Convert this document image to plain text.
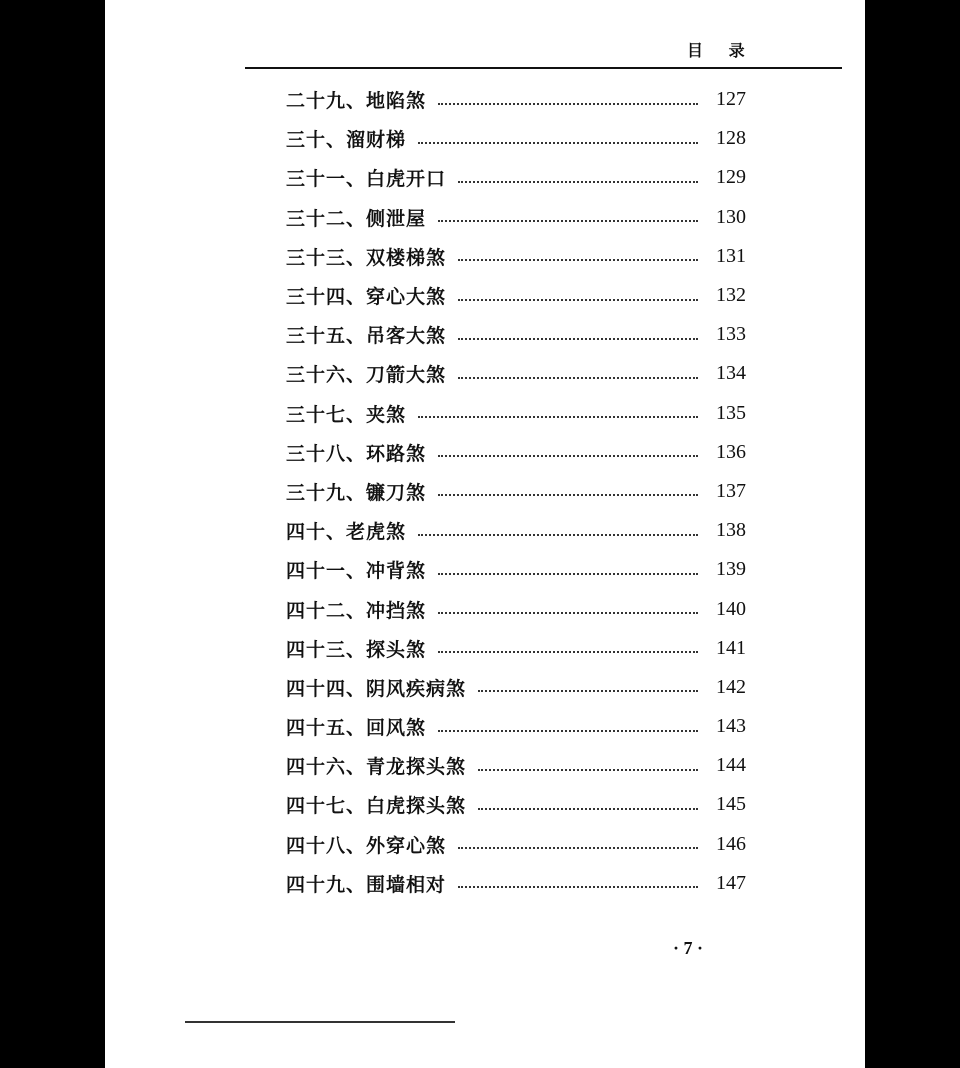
目 录
二十九、地陷煞	127
三十、溜财梯	128
三十一、白虎开口	129
三十二、侧泄屋	130
三十三、双楼梯煞	131
三十四、穿心大煞	132
三十五、吊客大煞	133
三十六、刀箭大煞	134
三十七、夹煞	135
三十八、环路煞	136
三十九、镰刀煞	137
四十、老虎煞	138
四十一、冲背煞	139
四十二、冲挡煞	140
四十三、探头煞	141
四十四、阴风疾病煞	142
四十五、回风煞	143
四十六、青龙探头煞	144
四十七、白虎探头煞	145
四十八、外穿心煞	146
四十九、围墙相对	147
· 7 ·
